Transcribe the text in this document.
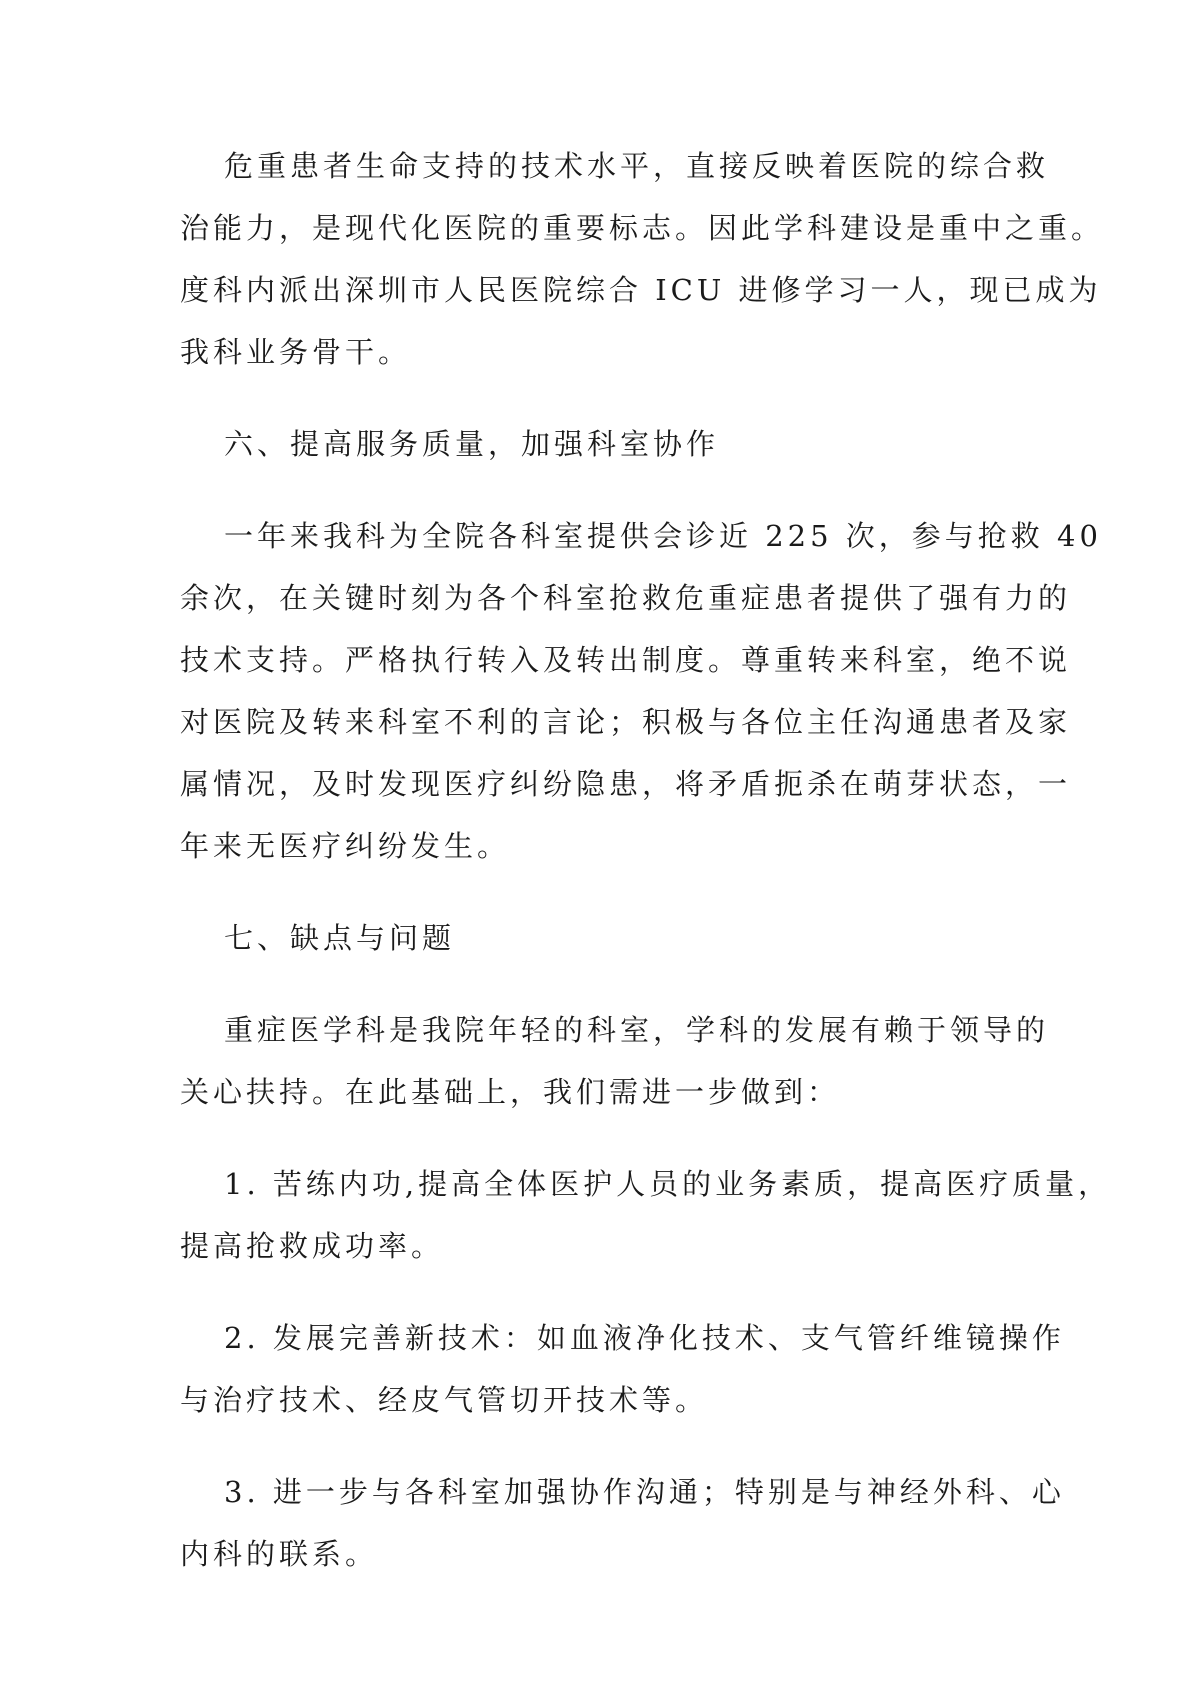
危重患者生命支持的技术水平，直接反映着医院的综合救
治能力，是现代化医院的重要标志。因此学科建设是重中之重。
度科内派出深圳市人民医院综合 ICU 进修学习一人，现已成为
我科业务骨干。
六、提高服务质量，加强科室协作
一年来我科为全院各科室提供会诊近 225 次，参与抢救 40
余次，在关键时刻为各个科室抢救危重症患者提供了强有力的
技术支持。严格执行转入及转出制度。尊重转来科室，绝不说
对医院及转来科室不利的言论；积极与各位主任沟通患者及家
属情况，及时发现医疗纠纷隐患，将矛盾扼杀在萌芽状态，一
年来无医疗纠纷发生。
七、缺点与问题
重症医学科是我院年轻的科室，学科的发展有赖于领导的
关心扶持。在此基础上，我们需进一步做到：
1. 苦练内功,提高全体医护人员的业务素质，提高医疗质量，
提高抢救成功率。
2. 发展完善新技术：如血液净化技术、支气管纤维镜操作
与治疗技术、经皮气管切开技术等。
3. 进一步与各科室加强协作沟通；特别是与神经外科、心
内科的联系。
